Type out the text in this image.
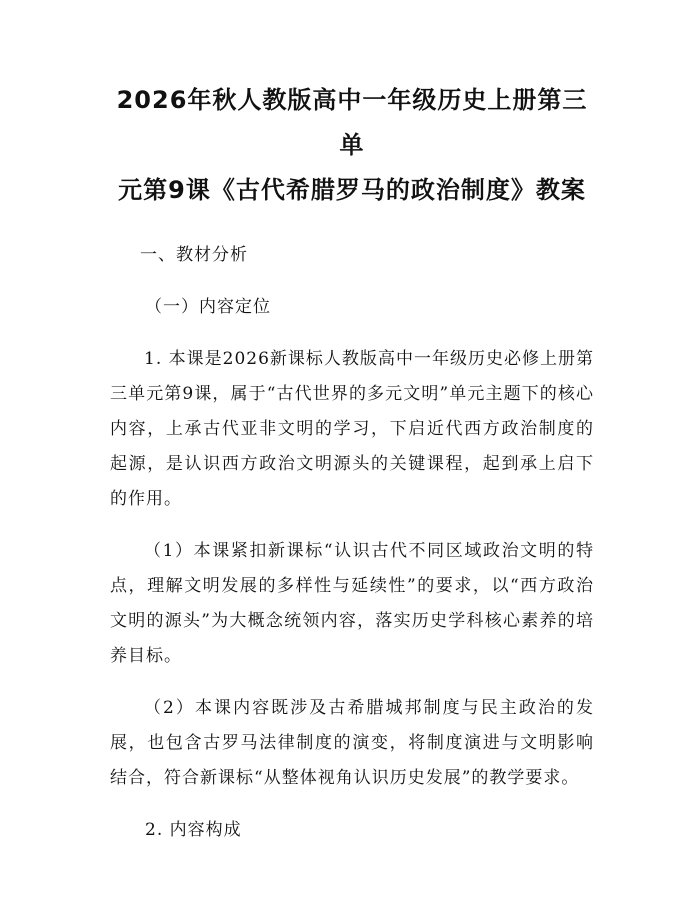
2026年秋人教版高中一年级历史上册第三单
元第9课《古代希腊罗马的政治制度》教案

一、教材分析

（一）内容定位

1. 本课是2026新课标人教版高中一年级历史必修上册第三单元第9课，属于“古代世界的多元文明”单元主题下的核心内容，上承古代亚非文明的学习，下启近代西方政治制度的起源，是认识西方政治文明源头的关键课程，起到承上启下的作用。

（1）本课紧扣新课标“认识古代不同区域政治文明的特点，理解文明发展的多样性与延续性”的要求，以“西方政治文明的源头”为大概念统领内容，落实历史学科核心素养的培养目标。

（2）本课内容既涉及古希腊城邦制度与民主政治的发展，也包含古罗马法律制度的演变，将制度演进与文明影响结合，符合新课标“从整体视角认识历史发展”的教学要求。

2. 内容构成
